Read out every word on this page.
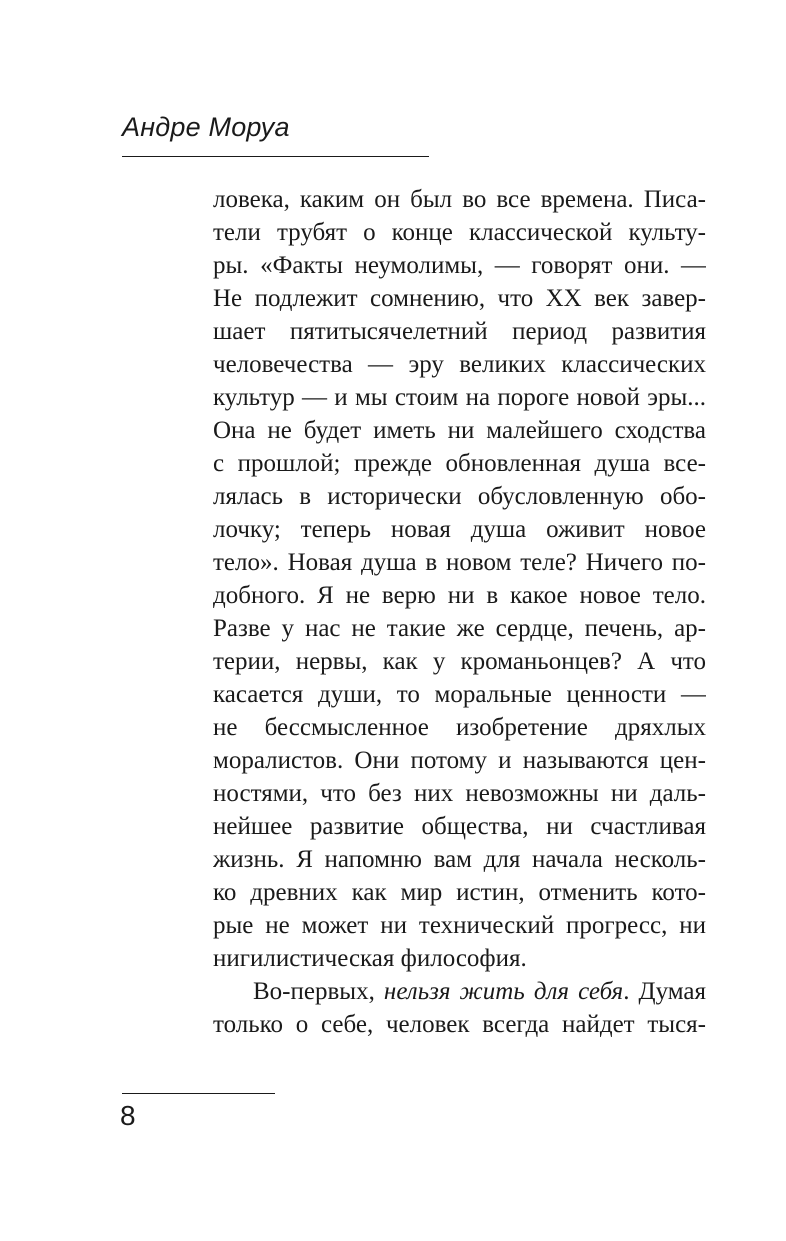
Андре Моруа
ловека, каким он был во все времена. Писа-
тели трубят о конце классической культу-
ры. «Факты неумолимы, — говорят они. —
Не подлежит сомнению, что XX век завер-
шает пятитысячелетний период развития
человечества — эру великих классических
культур — и мы стоим на пороге новой эры...
Она не будет иметь ни малейшего сходства
с прошлой; прежде обновленная душа все-
лялась в исторически обусловленную обо-
лочку; теперь новая душа оживит новое
тело». Новая душа в новом теле? Ничего по-
добного. Я не верю ни в какое новое тело.
Разве у нас не такие же сердце, печень, ар-
терии, нервы, как у кроманьонцев? А что
касается души, то моральные ценности —
не бессмысленное изобретение дряхлых
моралистов. Они потому и называются цен-
ностями, что без них невозможны ни даль-
нейшее развитие общества, ни счастливая
жизнь. Я напомню вам для начала несколь-
ко древних как мир истин, отменить кото-
рые не может ни технический прогресс, ни
нигилистическая философия.
Во-первых, нельзя жить для себя. Думая
только о себе, человек всегда найдет тыся-
8
